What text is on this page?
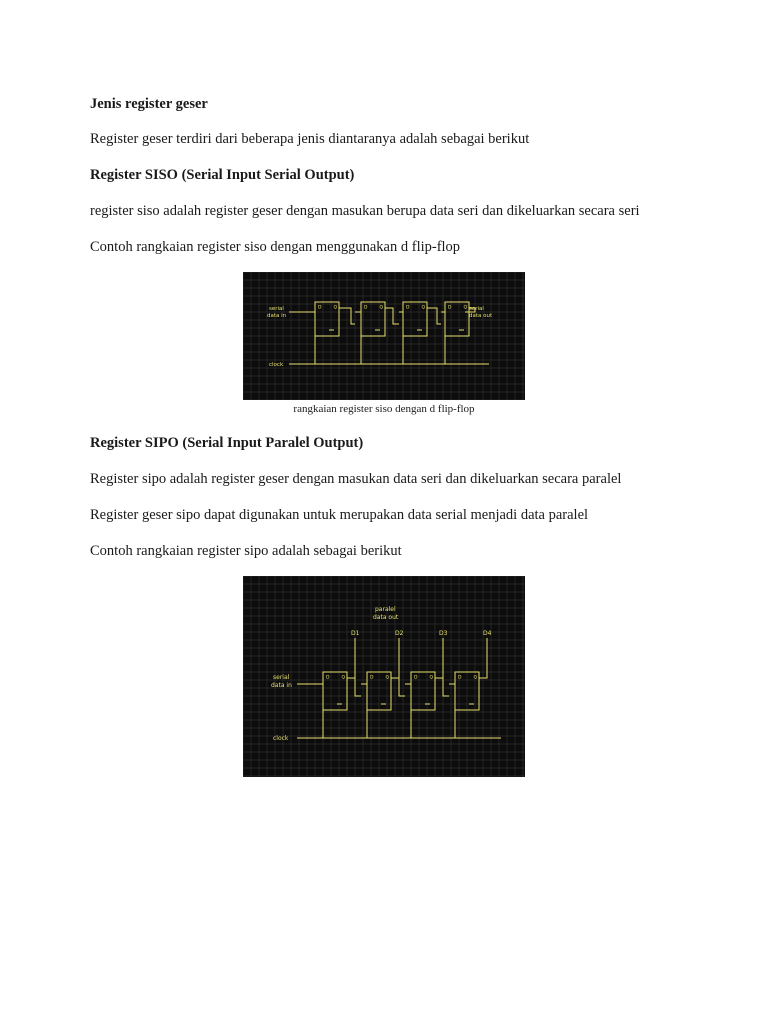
Jenis register geser

Register geser terdiri dari beberapa jenis diantaranya adalah sebagai berikut

Register SISO (Serial Input Serial Output)

register siso adalah register geser dengan masukan berupa data seri dan dikeluarkan secara seri

Contoh rangkaian register siso dengan menggunakan d flip-flop

serial
data in
serial
data out
clock
D	Q	D	Q	D	Q	D	Q

rangkaian register siso dengan d flip-flop

Register SIPO (Serial Input Paralel Output)

Register sipo adalah register geser dengan masukan data seri dan dikeluarkan secara paralel

Register geser sipo dapat digunakan untuk merupakan data serial menjadi data paralel

Contoh rangkaian register sipo adalah sebagai berikut

paralel
data out
D1	D2	D3	D4
serial
data in
clock
D	Q	D	Q	D	Q	D	Q
